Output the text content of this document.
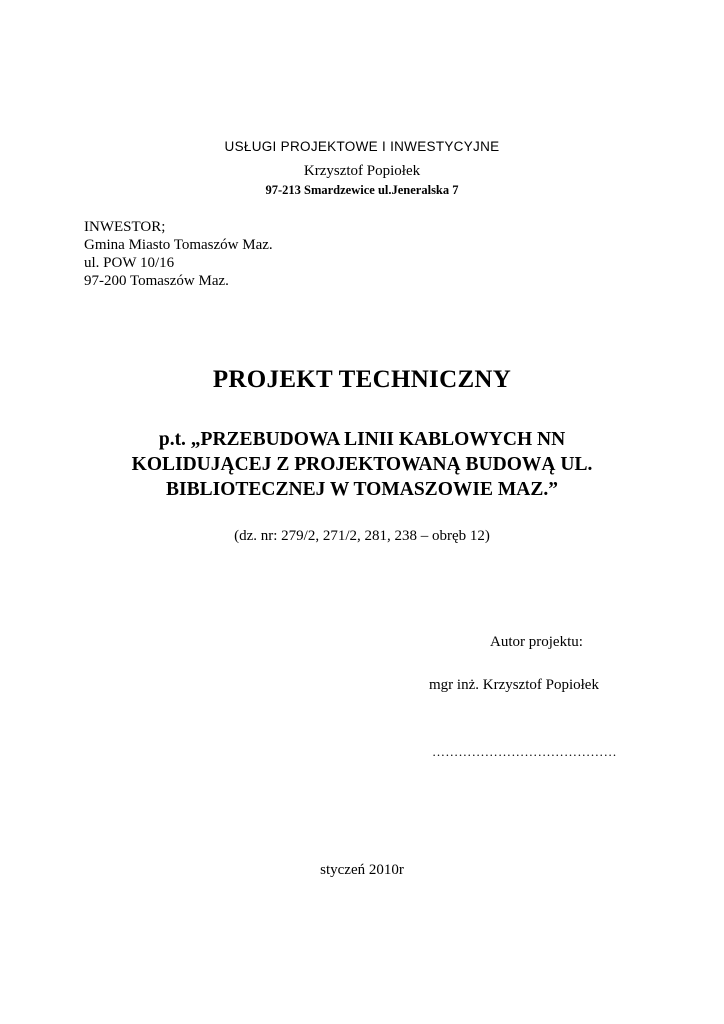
USŁUGI PROJEKTOWE I INWESTYCYJNE
Krzysztof Popiołek
97-213 Smardzewice ul.Jeneralska 7
INWESTOR;
Gmina Miasto Tomaszów Maz.
ul. POW 10/16
97-200 Tomaszów Maz.
PROJEKT TECHNICZNY
p.t. „PRZEBUDOWA LINII KABLOWYCH NN
KOLIDUJĄCEJ Z PROJEKTOWANĄ BUDOWĄ UL.
BIBLIOTECZNEJ W TOMASZOWIE MAZ.”
(dz. nr: 279/2, 271/2, 281, 238 – obręb 12)
Autor projektu:
mgr inż. Krzysztof Popiołek
……………………………………
styczeń 2010r
